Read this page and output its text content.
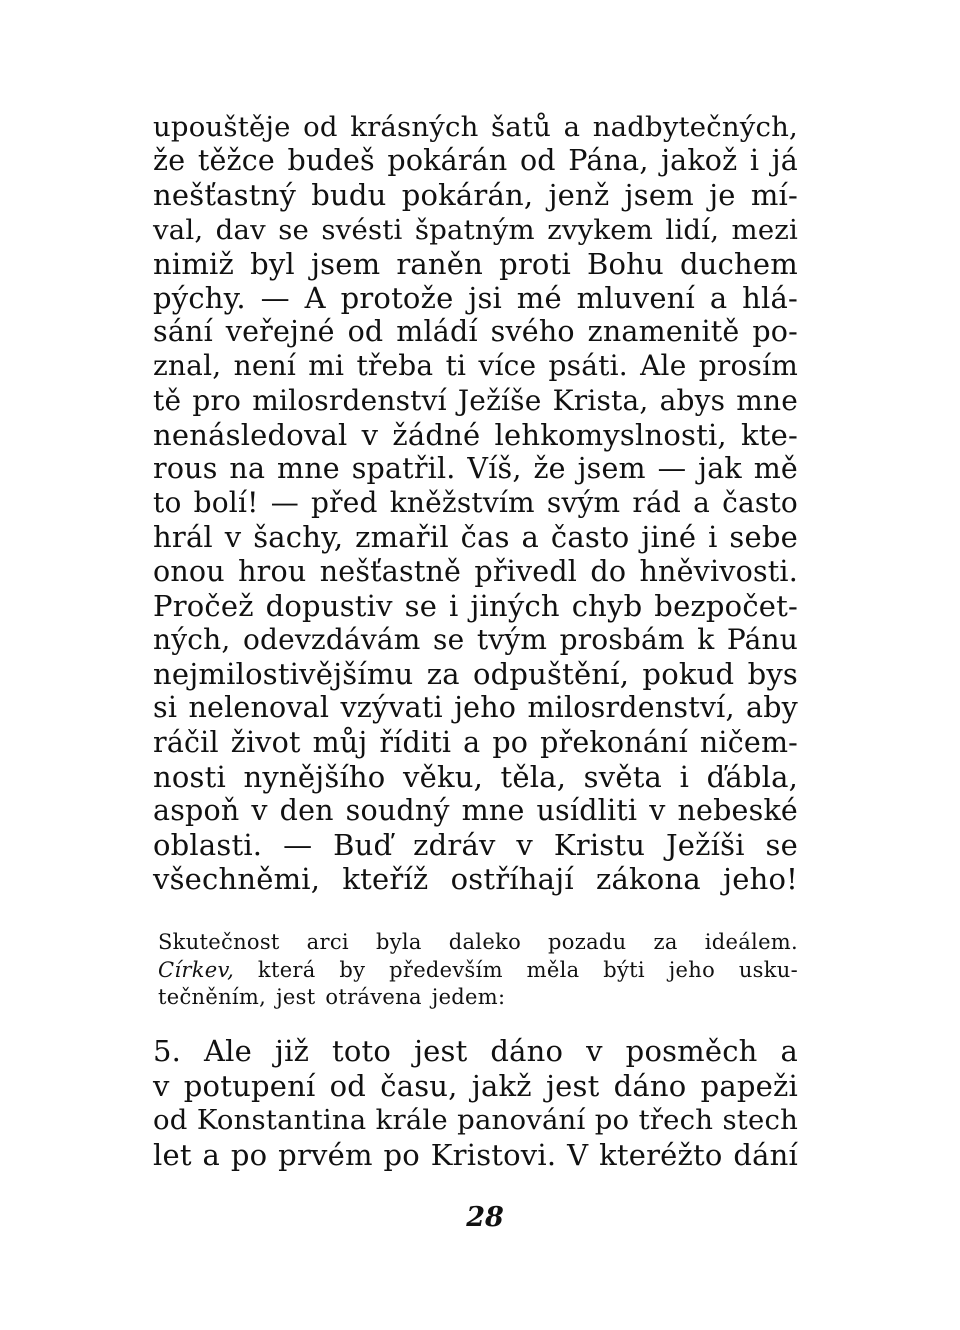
upouštěje od krásných šatů a nadbytečných,
že těžce budeš pokárán od Pána, jakož i já
nešťastný budu pokárán, jenž jsem je mí-
val, dav se svésti špatným zvykem lidí, mezi
nimiž byl jsem raněn proti Bohu duchem
pýchy. — A protože jsi mé mluvení a hlá-
sání veřejné od mládí svého znamenitě po-
znal, není mi třeba ti více psáti. Ale prosím
tě pro milosrdenství Ježíše Krista, abys mne
nenásledoval v žádné lehkomyslnosti, kte-
rous na mne spatřil. Víš, že jsem — jak mě
to bolí! — před kněžstvím svým rád a často
hrál v šachy, zmařil čas a často jiné i sebe
onou hrou nešťastně přivedl do hněvivosti.
Pročež dopustiv se i jiných chyb bezpočet-
ných, odevzdávám se tvým prosbám k Pánu
nejmilostivějšímu za odpuštění, pokud bys
si nelenoval vzývati jeho milosrdenství, aby
ráčil život můj říditi a po překonání ničem-
nosti nynějšího věku, těla, světa i ďábla,
aspoň v den soudný mne usídliti v nebeské
oblasti. — Buď zdráv v Kristu Ježíši se
všechněmi, kteříž ostříhají zákona jeho!
Skutečnost arci byla daleko pozadu za ideálem.
Církev, která by především měla býti jeho usku-
tečněním, jest otrávena jedem:
5. Ale již toto jest dáno v posměch a
v potupení od času, jakž jest dáno papeži
od Konstantina krále panování po třech stech
let a po prvém po Kristovi. V kteréžto dání
28
